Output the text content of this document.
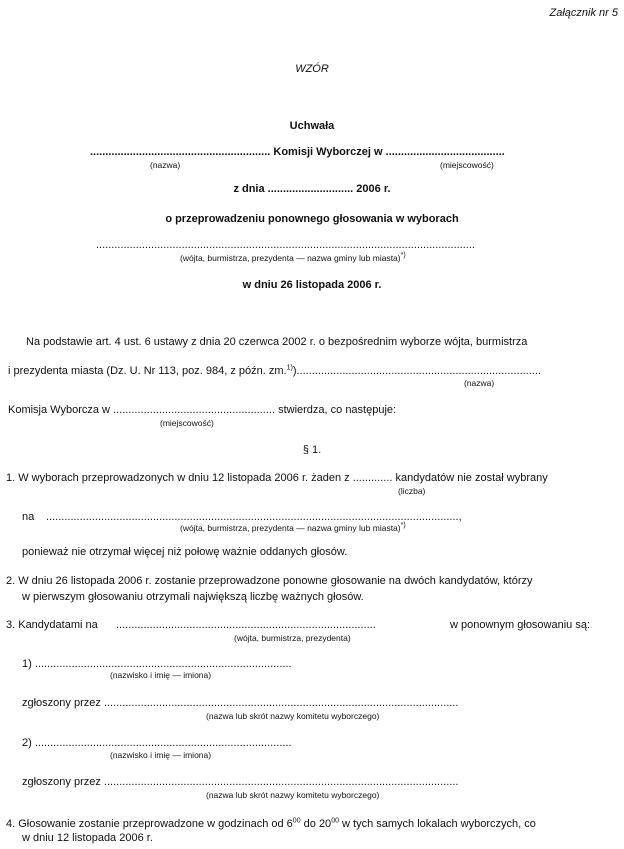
Załącznik nr 5
WZÓR
Uchwała
........................................................... Komisji Wyborczej w .......................................
(nazwa)	(miejscowość)
z dnia ............................ 2006 r.
o przeprowadzeniu ponownego głosowania w wyborach
............................................................................................................................
(wójta, burmistrza, prezydenta — nazwa gminy lub miasta)*)
w dniu 26 listopada 2006 r.
Na podstawie art. 4 ust. 6 ustawy z dnia 20 czerwca 2002 r. o bezpośrednim wyborze wójta, burmistrza
i prezydenta miasta (Dz. U. Nr 113, poz. 984, z późn. zm.$^{1)}$)................................................................................
(nazwa)
Komisja Wyborcza w ..................................................... stwierdza, co następuje:
(miejscowość)
§ 1.
1. W wyborach przeprowadzonych w dniu 12 listopada 2006 r. żaden z ............. kandydatów nie został wybrany
(liczba)
na .......................................................................................................................................,
(wójta, burmistrza, prezydenta — nazwa gminy lub miasta)*)
ponieważ nie otrzymał więcej niż połowę ważnie oddanych głosów.
2. W dniu 26 listopada 2006 r. zostanie przeprowadzone ponowne głosowanie na dwóch kandydatów, którzy
w pierwszym głosowaniu otrzymali największą liczbę ważnych głosów.
3. Kandydatami na .....................................................................................	w ponownym głosowaniu są:
(wójta, burmistrza, prezydenta)
1) ....................................................................................
(nazwisko i imię — imiona)
zgłoszony przez ....................................................................................................................
(nazwa lub skrót nazwy komitetu wyborczego)
2) ....................................................................................
(nazwisko i imię — imiona)
zgłoszony przez ....................................................................................................................
(nazwa lub skrót nazwy komitetu wyborczego)
4. Głosowanie zostanie przeprowadzone w godzinach od $6^{00}$ do $20^{00}$ w tych samych lokalach wyborczych, co
w dniu 12 listopada 2006 r.
